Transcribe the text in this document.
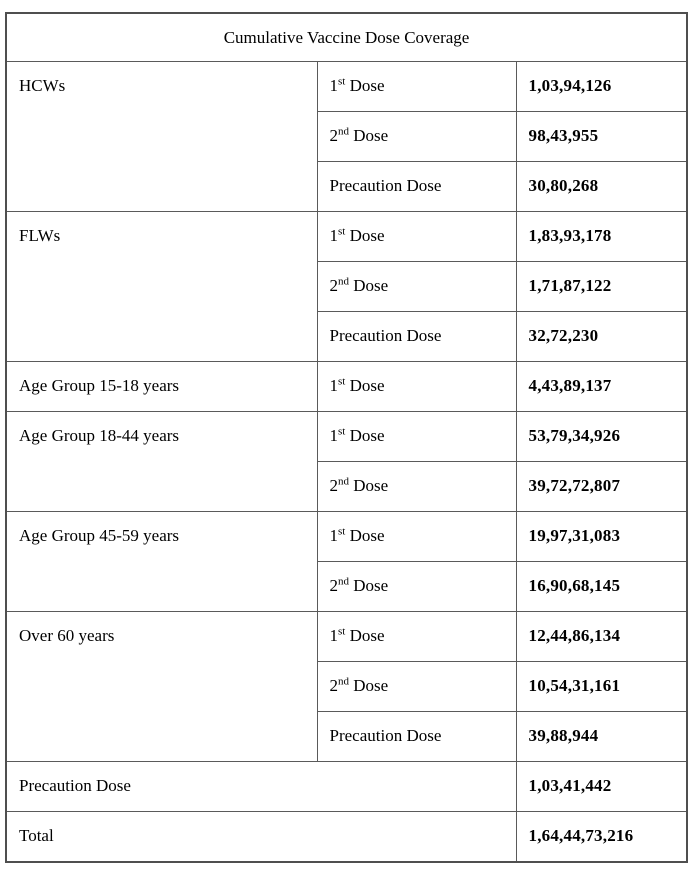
Cumulative Vaccine Dose Coverage		
HCWs	1st Dose	1,03,94,126
	2nd Dose	98,43,955
	Precaution Dose	30,80,268
FLWs	1st Dose	1,83,93,178
	2nd Dose	1,71,87,122
	Precaution Dose	32,72,230
Age Group 15-18 years	1st Dose	4,43,89,137
Age Group 18-44 years	1st Dose	53,79,34,926
	2nd Dose	39,72,72,807
Age Group 45-59 years	1st Dose	19,97,31,083
	2nd Dose	16,90,68,145
Over 60 years	1st Dose	12,44,86,134
	2nd Dose	10,54,31,161
	Precaution Dose	39,88,944
Precaution Dose		1,03,41,442
Total		1,64,44,73,216
